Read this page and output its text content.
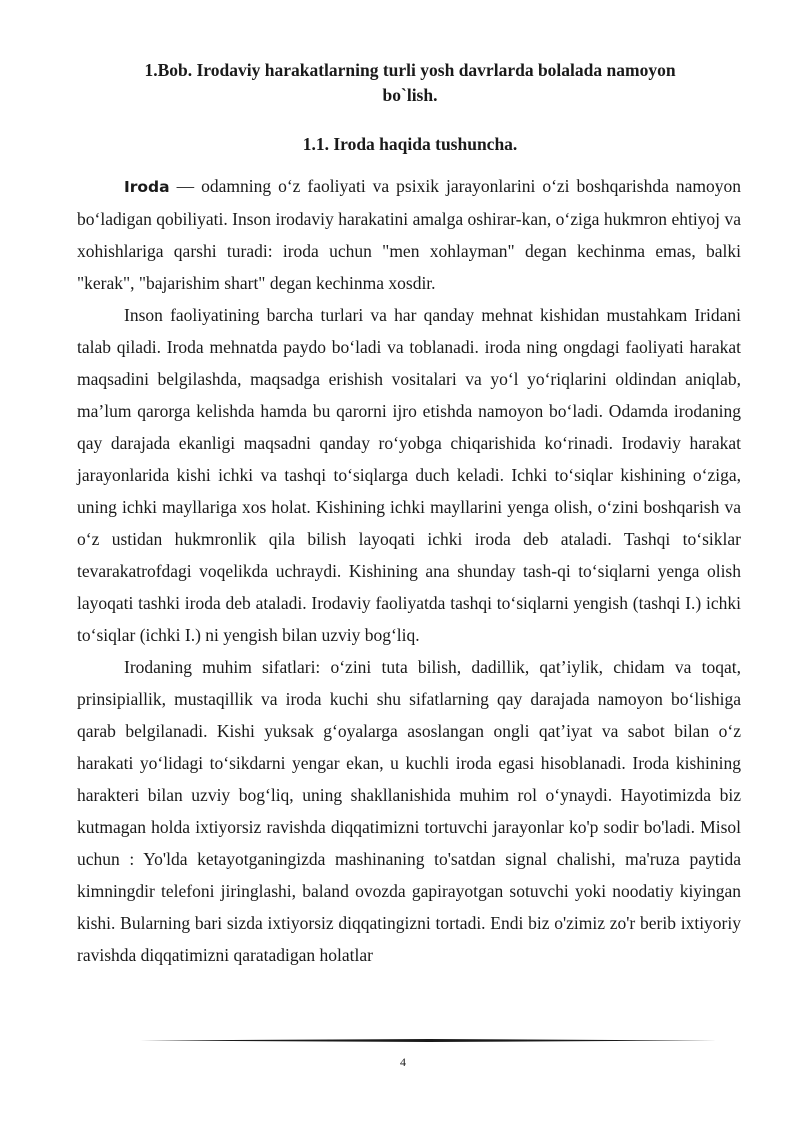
1.Bob. Irodaviy harakatlarning turli yosh davrlarda bolalada namoyon
bo`lish.
1.1. Iroda haqida tushuncha.

Iroda — odamning o‘z faoliyati va psixik jarayonlarini o‘zi boshqarishda namoyon bo‘ladigan qobiliyati. Inson irodaviy harakatini amalga oshirar-kan, o‘ziga hukmron ehtiyoj va xohishlariga qarshi turadi: iroda uchun "men xohlayman" degan kechinma emas, balki "kerak", "bajarishim shart" degan kechinma xosdir.

Inson faoliyatining barcha turlari va har qanday mehnat kishidan mustahkam Iridani talab qiladi. Iroda mehnatda paydo bo‘ladi va toblanadi. iroda ning ongdagi faoliyati harakat maqsadini belgilashda, maqsadga erishish vositalari va yo‘l yo‘riqlarini oldindan aniqlab, ma’lum qarorga kelishda hamda bu qarorni ijro etishda namoyon bo‘ladi. Odamda irodaning qay darajada ekanligi maqsadni qanday ro‘yobga chiqarishida ko‘rinadi. Irodaviy harakat jarayonlarida kishi ichki va tashqi to‘siqlarga duch keladi. Ichki to‘siqlar kishining o‘ziga, uning ichki mayllariga xos holat. Kishining ichki mayllarini yenga olish, o‘zini boshqarish va o‘z ustidan hukmronlik qila bilish layoqati ichki iroda deb ataladi. Tashqi to‘siklar tevarakatrofdagi voqelikda uchraydi. Kishining ana shunday tash-qi to‘siqlarni yenga olish layoqati tashki iroda deb ataladi. Irodaviy faoliyatda tashqi to‘siqlarni yengish (tashqi I.) ichki to‘siqlar (ichki I.) ni yengish bilan uzviy bog‘liq.

Irodaning muhim sifatlari: o‘zini tuta bilish, dadillik, qat’iylik, chidam va toqat, prinsipiallik, mustaqillik va iroda kuchi shu sifatlarning qay darajada namoyon bo‘lishiga qarab belgilanadi. Kishi yuksak g‘oyalarga asoslangan ongli qat’iyat va sabot bilan o‘z harakati yo‘lidagi to‘sikdarni yengar ekan, u kuchli iroda egasi hisoblanadi. Iroda kishining harakteri bilan uzviy bog‘liq, uning shakllanishida muhim rol o‘ynaydi. Hayotimizda biz kutmagan holda ixtiyorsiz ravishda diqqatimizni tortuvchi jarayonlar ko'p sodir bo'ladi. Misol uchun : Yo'lda ketayotganingizda mashinaning to'satdan signal chalishi, ma'ruza paytida kimningdir telefoni jiringlashi, baland ovozda gapirayotgan sotuvchi yoki noodatiy kiyingan kishi. Bularning bari sizda ixtiyorsiz diqqatingizni tortadi. Endi biz o'zimiz zo'r berib ixtiyoriy ravishda diqqatimizni qaratadigan holatlar

4
